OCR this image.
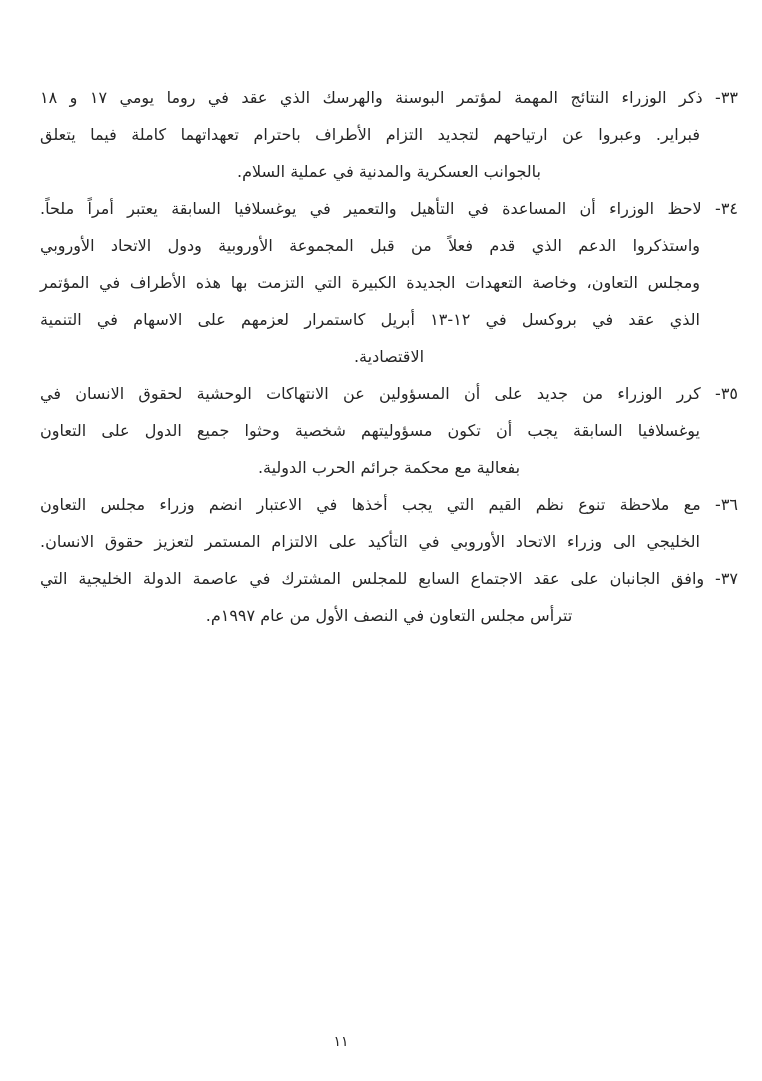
٣٣- ذكر الوزراء النتائج المهمة لمؤتمر البوسنة والهرسك الذي عقد في روما يومي ١٧ و ١٨
فبراير. وعبروا عن ارتياحهم لتجديد التزام الأطراف باحترام تعهداتهما كاملة فيما يتعلق
بالجوانب العسكرية والمدنية في عملية السلام.
٣٤- لاحظ الوزراء أن المساعدة في التأهيل والتعمير في يوغسلافيا السابقة يعتبر أمراً ملحاً.
واستذكروا الدعم الذي قدم فعلاً من قبل المجموعة الأوروبية ودول الاتحاد الأوروبي
ومجلس التعاون، وخاصة التعهدات الجديدة الكبيرة التي التزمت بها هذه الأطراف في المؤتمر
الذي عقد في بروكسل في ١٢-١٣ أبريل كاستمرار لعزمهم على الاسهام في التنمية
الاقتصادية.
٣٥- كرر الوزراء من جديد على أن المسؤولين عن الانتهاكات الوحشية لحقوق الانسان في
يوغسلافيا السابقة يجب أن تكون مسؤوليتهم شخصية وحثوا جميع الدول على التعاون
بفعالية مع محكمة جرائم الحرب الدولية.
٣٦- مع ملاحظة تنوع نظم القيم التي يجب أخذها في الاعتبار انضم وزراء مجلس التعاون
الخليجي الى وزراء الاتحاد الأوروبي في التأكيد على الالتزام المستمر لتعزيز حقوق الانسان.
٣٧- وافق الجانبان على عقد الاجتماع السابع للمجلس المشترك في عاصمة الدولة الخليجية التي
تترأس مجلس التعاون في النصف الأول من عام ١٩٩٧م.
١١
